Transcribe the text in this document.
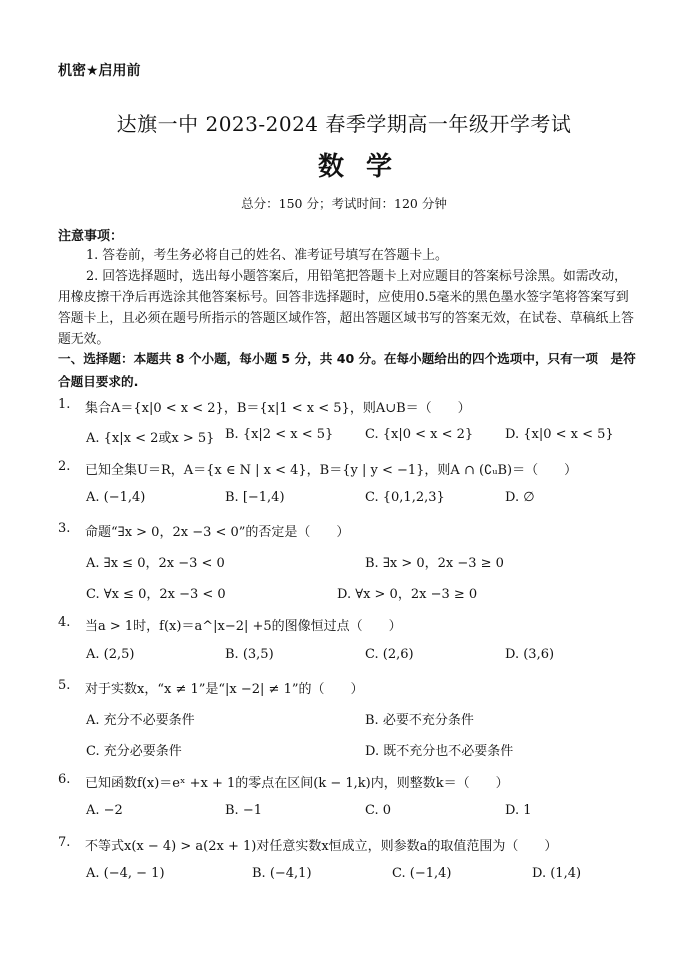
机密★启用前
达旗一中 2023-2024 春季学期高一年级开学考试
数学
总分：150 分；考试时间：120 分钟
注意事项：
1. 答卷前，考生务必将自己的姓名、准考证号填写在答题卡上。
2. 回答选择题时，选出每小题答案后，用铅笔把答题卡上对应题目的答案标号涂黑。如需改动，用橡皮擦干净后再选涂其他答案标号。回答非选择题时，应使用0.5毫米的黑色墨水签字笔将答案写到答题卡上，且必须在题号所指示的答题区域作答，超出答题区域书写的答案无效，在试卷、草稿纸上答题无效。
一、选择题：本题共 8 个小题，每小题 5 分，共 40 分。在每小题给出的四个选项中，只有一项　是符合题目要求的.
1. 集合A＝{x|0 < x < 2}，B＝{x|1 < x < 5}，则A∪B＝（　　）
A. {x|x < 2或x > 5} B. {x|2 < x < 5} C. {x|0 < x < 2} D. {x|0 < x < 5}
2. 已知全集U＝R，A＝{x ∈ N | x < 4}，B＝{y | y < −1}，则A ∩ (∁ᵤB)＝（　　）
A. (−1,4)	B. [−1,4)	C. {0,1,2,3}	D. ∅
3. 命题“∃x > 0，2x −3 < 0”的否定是（　　）
A. ∃x ≤ 0，2x −3 < 0	B. ∃x > 0，2x −3 ≥ 0
C. ∀x ≤ 0，2x −3 < 0	D. ∀x > 0，2x −3 ≥ 0
4. 当a > 1时，f(x)＝a^|x−2| +5的图像恒过点（　　）
A. (2,5)	B. (3,5)	C. (2,6)	D. (3,6)
5. 对于实数x，“x ≠ 1”是“|x −2| ≠ 1”的（　　）
A. 充分不必要条件	B. 必要不充分条件
C. 充分必要条件	D. 既不充分也不必要条件
6. 已知函数f(x)＝eˣ +x + 1的零点在区间(k − 1,k)内，则整数k＝（　　）
A. −2	B. −1	C. 0	D. 1
7. 不等式x(x − 4) > a(2x + 1)对任意实数x恒成立，则参数a的取值范围为（　　）
A. (−4, − 1)	B. (−4,1)	C. (−1,4)	D. (1,4)
